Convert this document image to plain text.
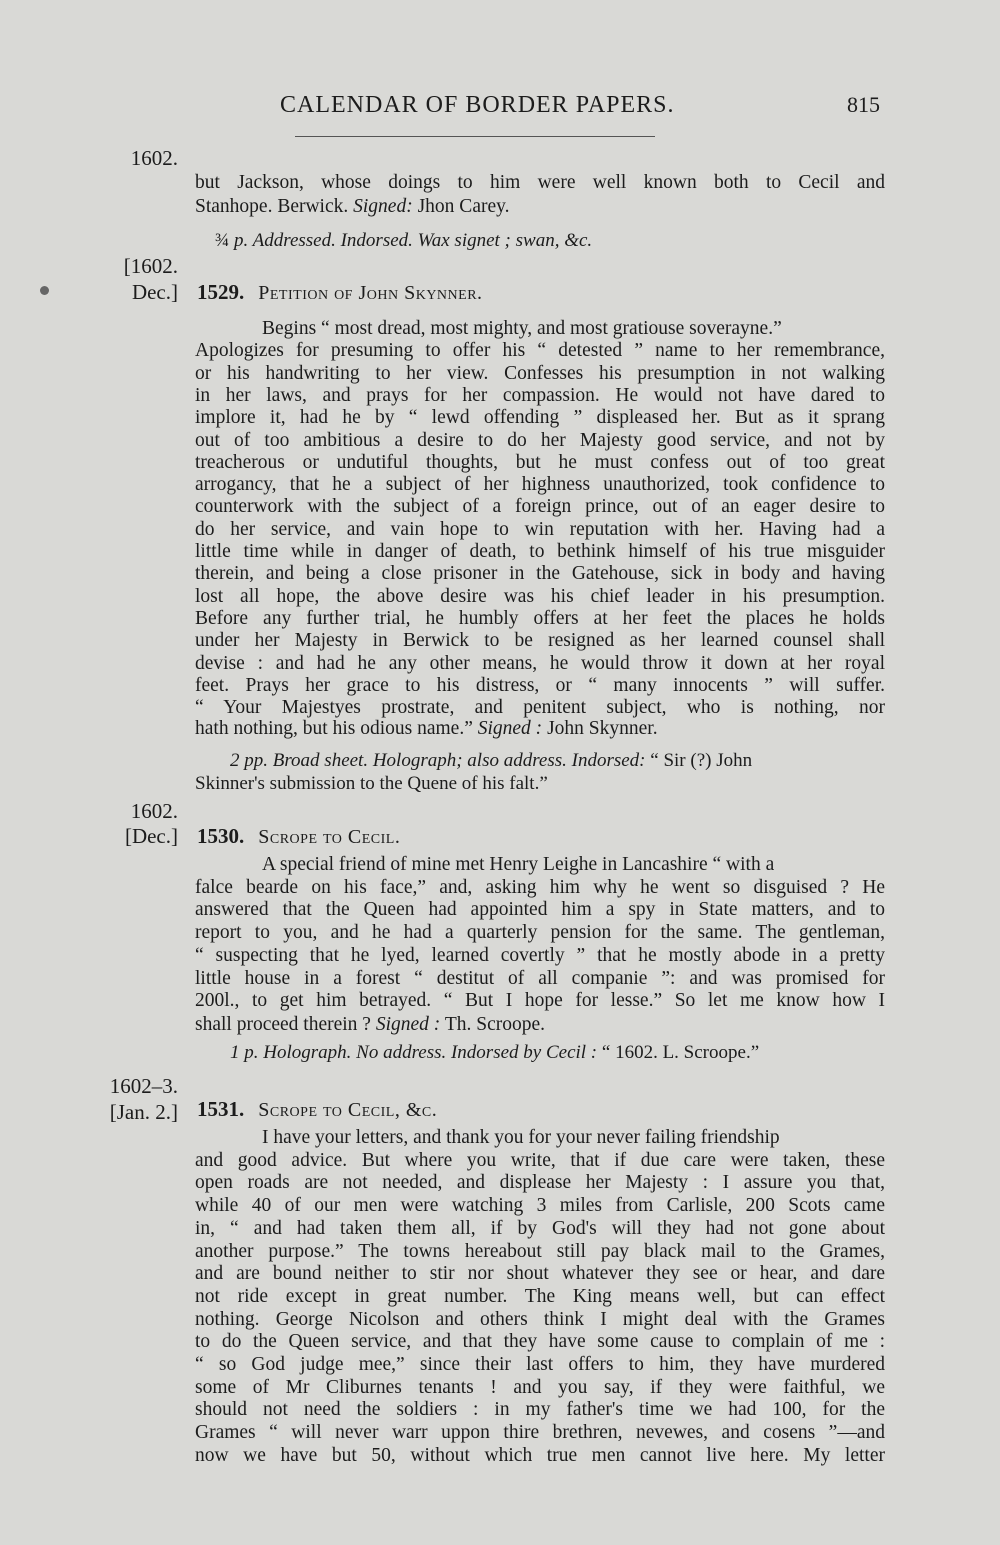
CALENDAR OF BORDER PAPERS.	815
1602.
but Jackson, whose doings to him were well known both to Cecil and
Stanhope. Berwick. Signed: Jhon Carey.
¾ p. Addressed. Indorsed. Wax signet ; swan, &c.
[1602.
Dec.] 1529. Petition of John Skynner.
Begins “ most dread, most mighty, and most gratiouse soverayne.”
Apologizes for presuming to offer his “ detested ” name to her remembrance,
or his handwriting to her view. Confesses his presumption in not walking
in her laws, and prays for her compassion. He would not have dared to
implore it, had he by “ lewd offending ” displeased her. But as it sprang
out of too ambitious a desire to do her Majesty good service, and not by
treacherous or undutiful thoughts, but he must confess out of too great
arrogancy, that he a subject of her highness unauthorized, took confidence to
counterwork with the subject of a foreign prince, out of an eager desire to
do her service, and vain hope to win reputation with her. Having had a
little time while in danger of death, to bethink himself of his true misguider
therein, and being a close prisoner in the Gatehouse, sick in body and having
lost all hope, the above desire was his chief leader in his presumption.
Before any further trial, he humbly offers at her feet the places he holds
under her Majesty in Berwick to be resigned as her learned counsel shall
devise : and had he any other means, he would throw it down at her royal
feet. Prays her grace to his distress, or “ many innocents ” will suffer.
“ Your Majestyes prostrate, and penitent subject, who is nothing, nor
hath nothing, but his odious name.” Signed : John Skynner.
2 pp. Broad sheet. Holograph; also address. Indorsed: “ Sir (?) John
Skinner's submission to the Quene of his falt.”
1602.
[Dec.] 1530. Scrope to Cecil.
A special friend of mine met Henry Leighe in Lancashire “ with a
falce bearde on his face,” and, asking him why he went so disguised ? He
answered that the Queen had appointed him a spy in State matters, and to
report to you, and he had a quarterly pension for the same. The gentleman,
“ suspecting that he lyed, learned covertly ” that he mostly abode in a pretty
little house in a forest “ destitut of all companie ”: and was promised for
200l., to get him betrayed. “ But I hope for lesse.” So let me know how I
shall proceed therein ? Signed : Th. Scroope.
1 p. Holograph. No address. Indorsed by Cecil : “ 1602. L. Scroope.”
1602–3.
[Jan. 2.] 1531. Scrope to Cecil, &c.
I have your letters, and thank you for your never failing friendship
and good advice. But where you write, that if due care were taken, these
open roads are not needed, and displease her Majesty : I assure you that,
while 40 of our men were watching 3 miles from Carlisle, 200 Scots came
in, “ and had taken them all, if by God's will they had not gone about
another purpose.” The towns hereabout still pay black mail to the Grames,
and are bound neither to stir nor shout whatever they see or hear, and dare
not ride except in great number. The King means well, but can effect
nothing. George Nicolson and others think I might deal with the Grames
to do the Queen service, and that they have some cause to complain of me :
“ so God judge mee,” since their last offers to him, they have murdered
some of Mr Cliburnes tenants ! and you say, if they were faithful, we
should not need the soldiers : in my father's time we had 100, for the
Grames “ will never warr uppon thire brethren, nevewes, and cosens ”—and
now we have but 50, without which true men cannot live here. My letter
